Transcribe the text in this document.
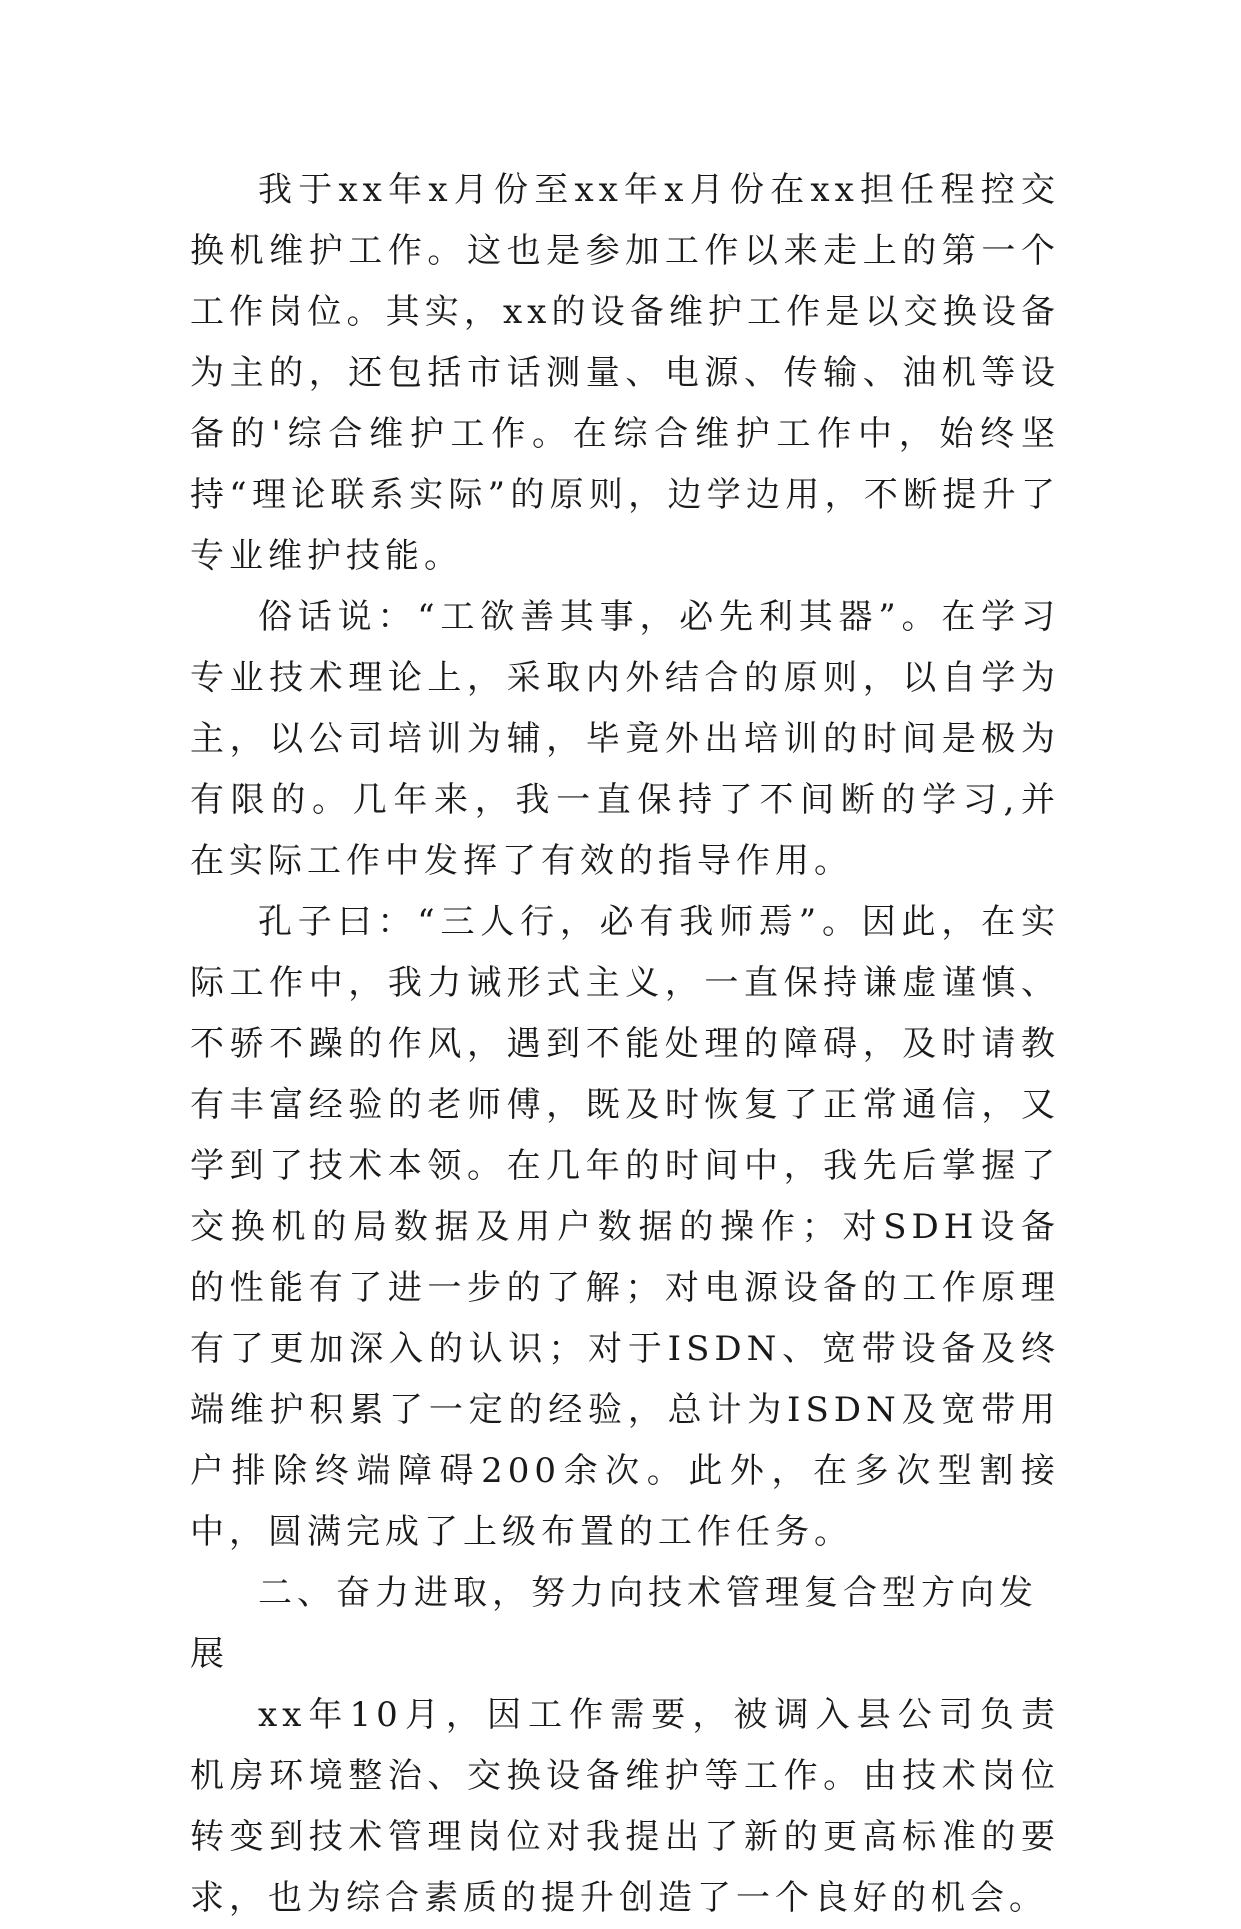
我于xx年x月份至xx年x月份在xx担任程控交换机维护工作。这也是参加工作以来走上的第一个工作岗位。其实，xx的设备维护工作是以交换设备为主的，还包括市话测量、电源、传输、油机等设备的'综合维护工作。在综合维护工作中，始终坚持“理论联系实际”的原则，边学边用，不断提升了专业维护技能。

俗话说：“工欲善其事，必先利其器”。在学习专业技术理论上，采取内外结合的原则，以自学为主，以公司培训为辅，毕竟外出培训的时间是极为有限的。几年来，我一直保持了不间断的学习,并在实际工作中发挥了有效的指导作用。

孔子曰：“三人行，必有我师焉”。因此，在实际工作中，我力诫形式主义，一直保持谦虚谨慎、不骄不躁的作风，遇到不能处理的障碍，及时请教有丰富经验的老师傅，既及时恢复了正常通信，又学到了技术本领。在几年的时间中，我先后掌握了交换机的局数据及用户数据的操作；对SDH设备的性能有了进一步的了解；对电源设备的工作原理有了更加深入的认识；对于ISDN、宽带设备及终端维护积累了一定的经验，总计为ISDN及宽带用户排除终端障碍200余次。此外，在多次型割接中，圆满完成了上级布置的工作任务。

二、奋力进取，努力向技术管理复合型方向发展

xx年10月，因工作需要，被调入县公司负责机房环境整治、交换设备维护等工作。由技术岗位转变到技术管理岗位对我提出了新的更高标准的要求，也为综合素质的提升创造了一个良好的机会。
